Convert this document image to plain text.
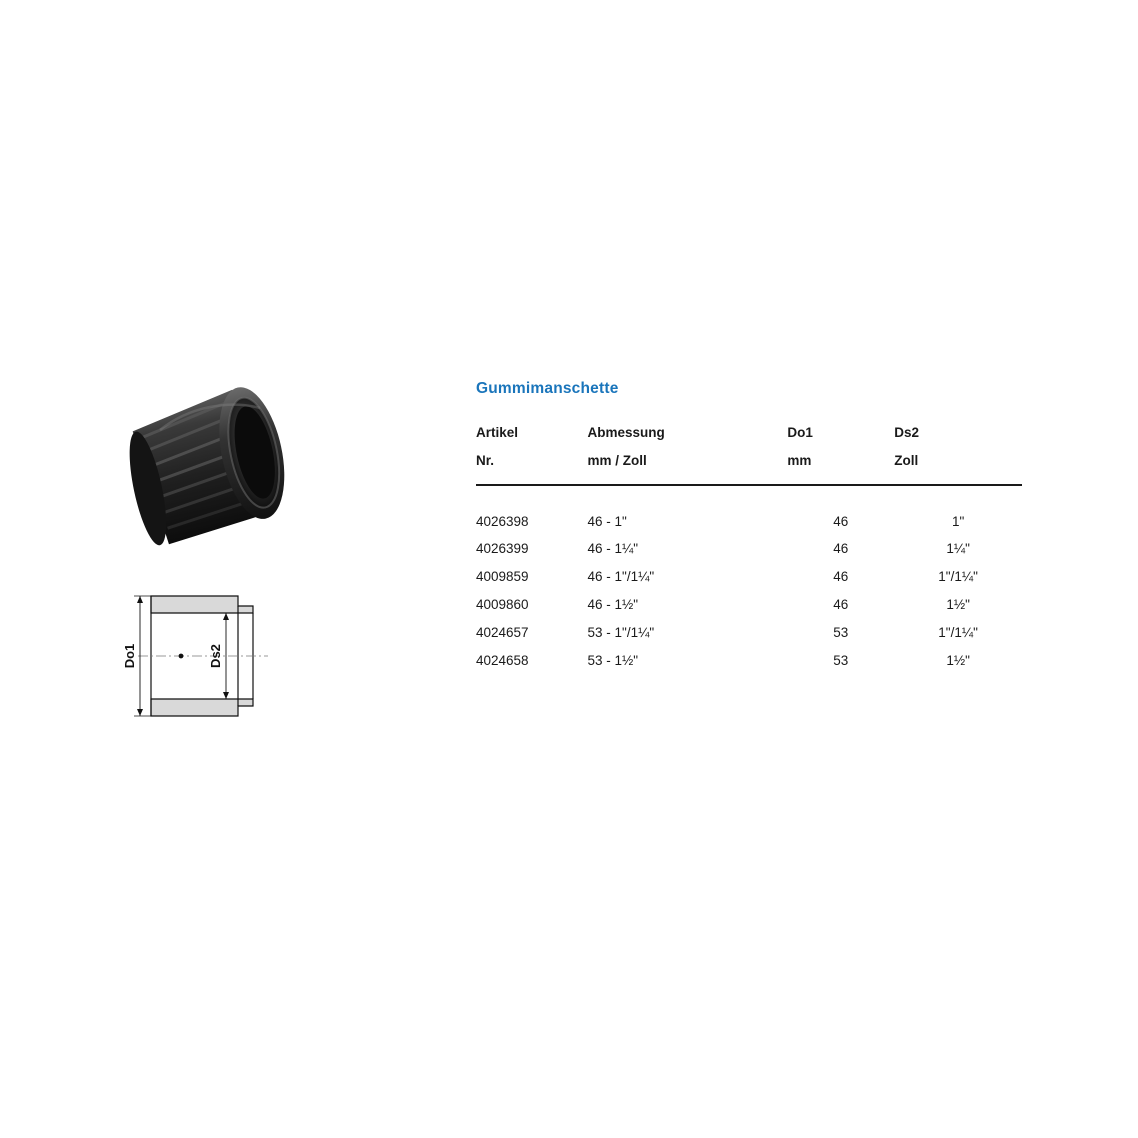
Do1	Ds2
Gummimanschette
Artikel	Abmessung	Do1	Ds2
Nr.	mm / Zoll	mm	Zoll
4026398	46 - 1"	46	1"
4026399	46 - 1¼"	46	1¼"
4009859	46 - 1"/1¼"	46	1"/1¼"
4009860	46 - 1½"	46	1½"
4024657	53 - 1"/1¼"	53	1"/1¼"
4024658	53 - 1½"	53	1½"
